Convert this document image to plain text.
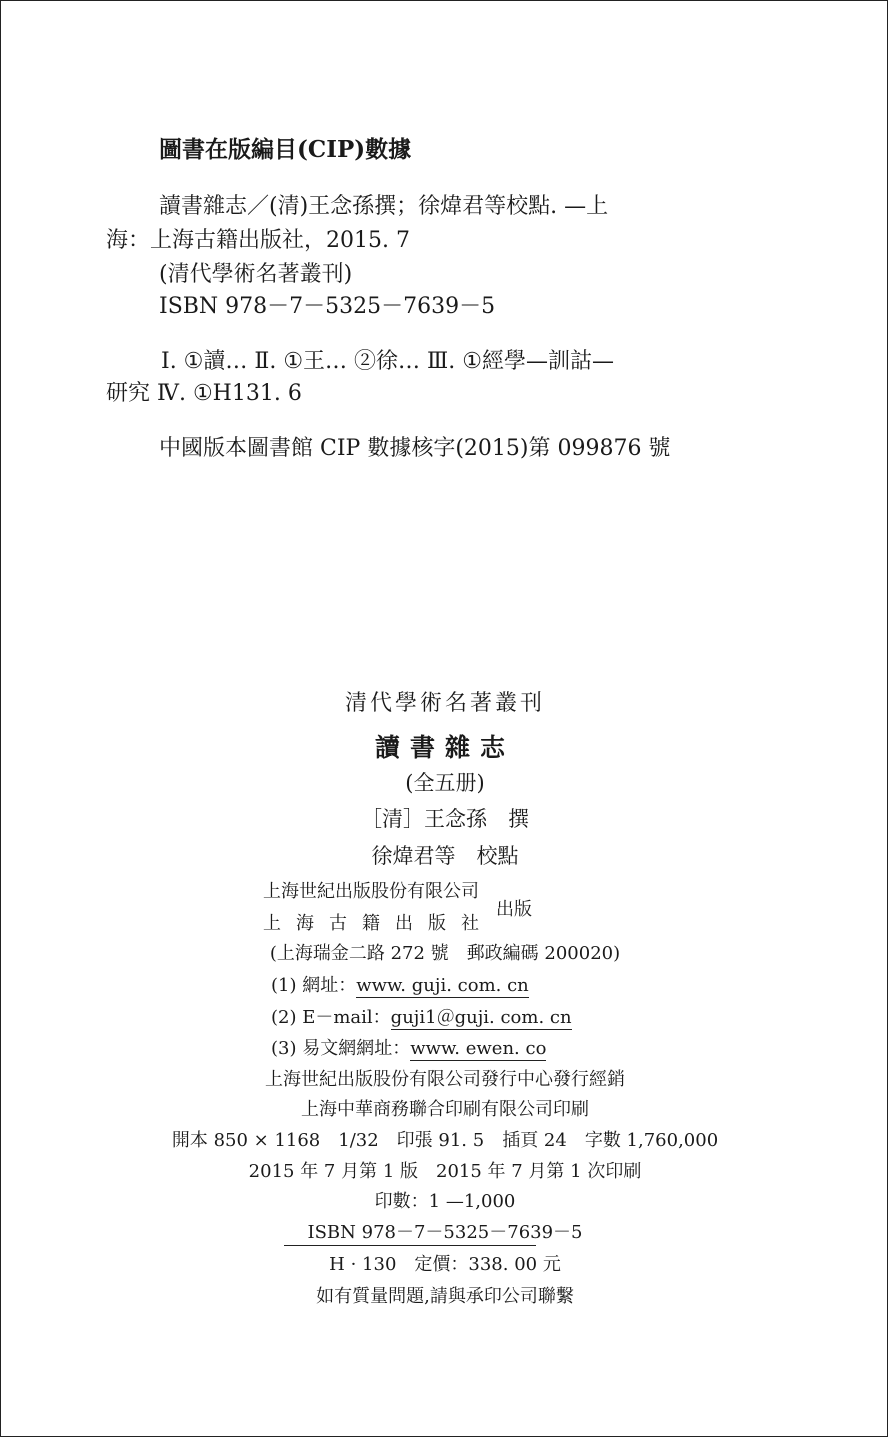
圖書在版編目(CIP)數據
讀書雜志／(清)王念孫撰；徐煒君等校點. —上
海：上海古籍出版社，2015. 7
(清代學術名著叢刊)
ISBN 978－7－5325－7639－5
Ⅰ. ①讀… Ⅱ. ①王… ②徐… Ⅲ. ①經學—訓詁—
研究 Ⅳ. ①H131. 6
中國版本圖書館 CIP 數據核字(2015)第 099876 號
清代學術名著叢刊
讀書雜志
(全五册)
［清］王念孫　撰
徐煒君等　校點
上海世紀出版股份有限公司
上海古籍出版社
出版
(上海瑞金二路 272 號　郵政編碼 200020)
(1) 網址：www. guji. com. cn
(2) E－mail：guji1＠guji. com. cn
(3) 易文網網址：www. ewen. co
上海世紀出版股份有限公司發行中心發行經銷
上海中華商務聯合印刷有限公司印刷
開本 850 × 1168　1/32　印張 91. 5　插頁 24　字數 1,760,000
2015 年 7 月第 1 版　2015 年 7 月第 1 次印刷
印數：1 —1,000
ISBN 978－7－5325－7639－5
H · 130　定價：338. 00 元
如有質量問題,請與承印公司聯繫
